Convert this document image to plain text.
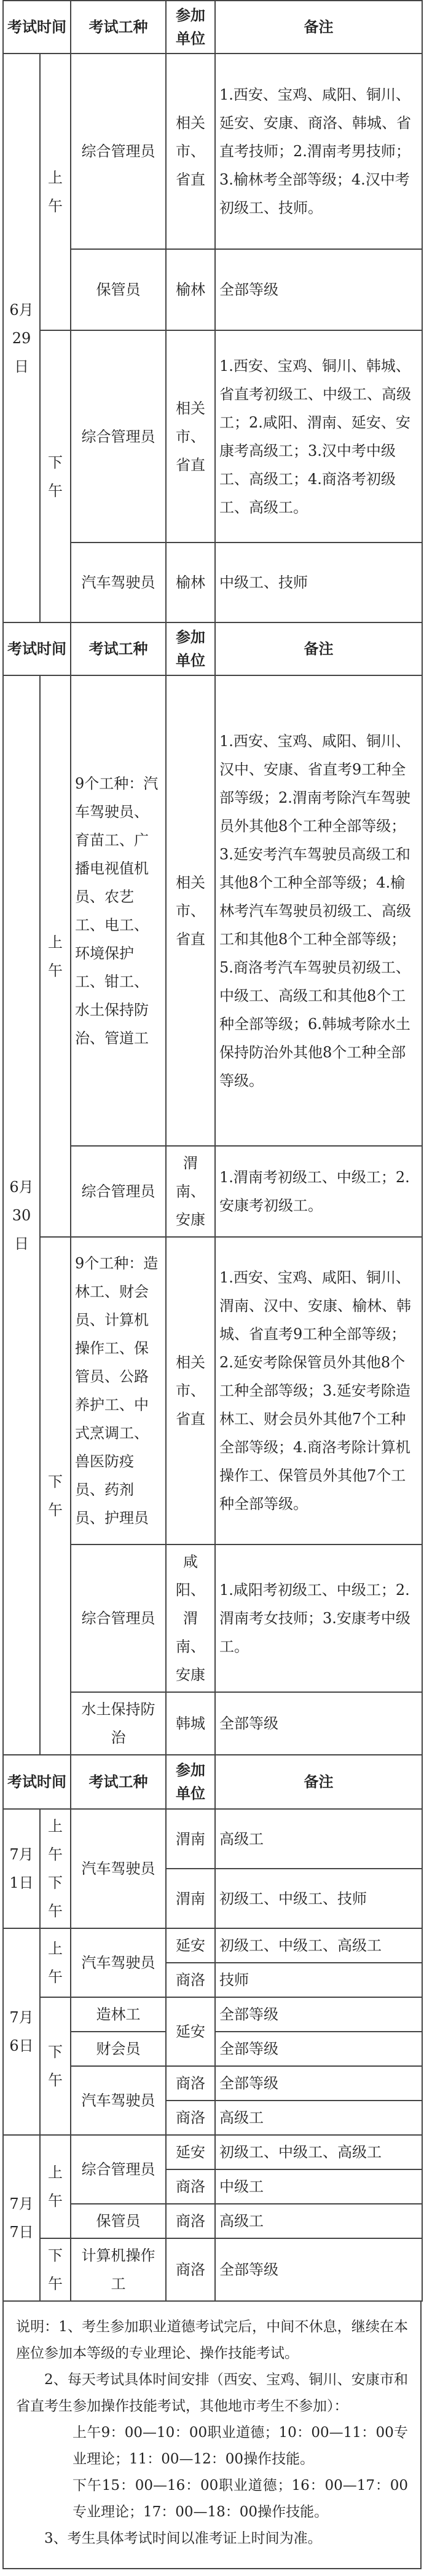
考试时间		考试工种	参加单位	备注
6月29日	上午	综合管理员	相关市、省直	1.西安、宝鸡、咸阳、铜川、延安、安康、商洛、韩城、省直考技师；2.渭南考男技师；3.榆林考全部等级；4.汉中考初级工、技师。
		保管员	榆林	全部等级
	下午	综合管理员	相关市、省直	1.西安、宝鸡、铜川、韩城、省直考初级工、中级工、高级工；2.咸阳、渭南、延安、安康考高级工；3.汉中考中级工、高级工；4.商洛考初级工、高级工。
		汽车驾驶员	榆林	中级工、技师
考试时间		考试工种	参加单位	备注
6月30日	上午	9个工种：汽车驾驶员、育苗工、广播电视值机员、农艺工、电工、环境保护工、钳工、水土保持防治、管道工	相关市、省直	1.西安、宝鸡、咸阳、铜川、汉中、安康、省直考9工种全部等级；2.渭南考除汽车驾驶员外其他8个工种全部等级；3.延安考汽车驾驶员高级工和其他8个工种全部等级；4.榆林考汽车驾驶员初级工、高级工和其他8个工种全部等级；5.商洛考汽车驾驶员初级工、中级工、高级工和其他8个工种全部等级；6.韩城考除水土保持防治外其他8个工种全部等级。
		综合管理员	渭南、安康	1.渭南考初级工、中级工；2.安康考初级工。
	下午	9个工种：造林工、财会员、计算机操作工、保管员、公路养护工、中式烹调工、兽医防疫员、药剂员、护理员	相关市、省直	1.西安、宝鸡、咸阳、铜川、渭南、汉中、安康、榆林、韩城、省直考9工种全部等级；2.延安考除保管员外其他8个工种全部等级；3.延安考除造林工、财会员外其他7个工种全部等级；4.商洛考除计算机操作工、保管员外其他7个工种全部等级。
		综合管理员	咸阳、渭南、安康	1.咸阳考初级工、中级工；2.渭南考女技师；3.安康考中级工。
		水土保持防治	韩城	全部等级
考试时间		考试工种	参加单位	备注
7月1日	上午下午	汽车驾驶员	渭南	高级工
			渭南	初级工、中级工、技师
7月6日	上午	汽车驾驶员	延安	初级工、中级工、高级工
			商洛	技师
	下午	造林工	延安	全部等级
		财会员		全部等级
		汽车驾驶员	商洛	全部等级
			商洛	高级工
7月7日	上午	综合管理员	延安	初级工、中级工、高级工
			商洛	中级工
		保管员	商洛	高级工
	下午	计算机操作工	商洛	全部等级

说明：1、考生参加职业道德考试完后，中间不休息，继续在本座位参加本等级的专业理论、操作技能考试。

2、每天考试具体时间安排（西安、宝鸡、铜川、安康市和省直考生参加操作技能考试，其他地市考生不参加）：

上午9：00—10：00职业道德；10：00—11：00专业理论；11：00—12：00操作技能。

下午15：00—16：00职业道德；16：00—17：00专业理论；17：00—18：00操作技能。

3、考生具体考试时间以准考证上时间为准。
